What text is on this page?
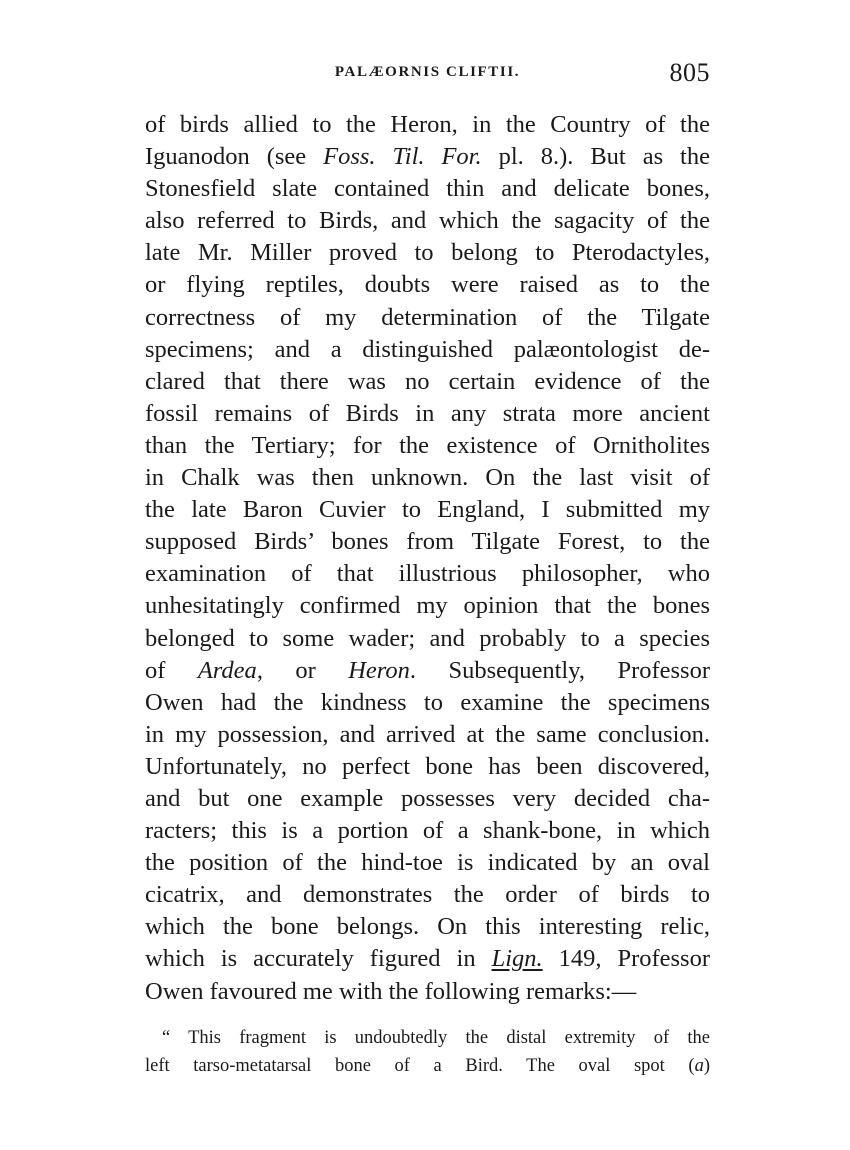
PALÆORNIS CLIFTII.	805
of birds allied to the Heron, in the Country of the
Iguanodon (see Foss. Til. For. pl. 8.). But as the
Stonesfield slate contained thin and delicate bones,
also referred to Birds, and which the sagacity of the
late Mr. Miller proved to belong to Pterodactyles,
or flying reptiles, doubts were raised as to the
correctness of my determination of the Tilgate
specimens; and a distinguished palæontologist de-
clared that there was no certain evidence of the
fossil remains of Birds in any strata more ancient
than the Tertiary; for the existence of Ornitholites
in Chalk was then unknown. On the last visit of
the late Baron Cuvier to England, I submitted my
supposed Birds’ bones from Tilgate Forest, to the
examination of that illustrious philosopher, who
unhesitatingly confirmed my opinion that the bones
belonged to some wader; and probably to a species
of Ardea, or Heron. Subsequently, Professor
Owen had the kindness to examine the specimens
in my possession, and arrived at the same conclusion.
Unfortunately, no perfect bone has been discovered,
and but one example possesses very decided cha-
racters; this is a portion of a shank-bone, in which
the position of the hind-toe is indicated by an oval
cicatrix, and demonstrates the order of birds to
which the bone belongs. On this interesting relic,
which is accurately figured in Lign. 149, Professor
Owen favoured me with the following remarks:—
“ This fragment is undoubtedly the distal extremity of the
left tarso-metatarsal bone of a Bird. The oval spot (a)
